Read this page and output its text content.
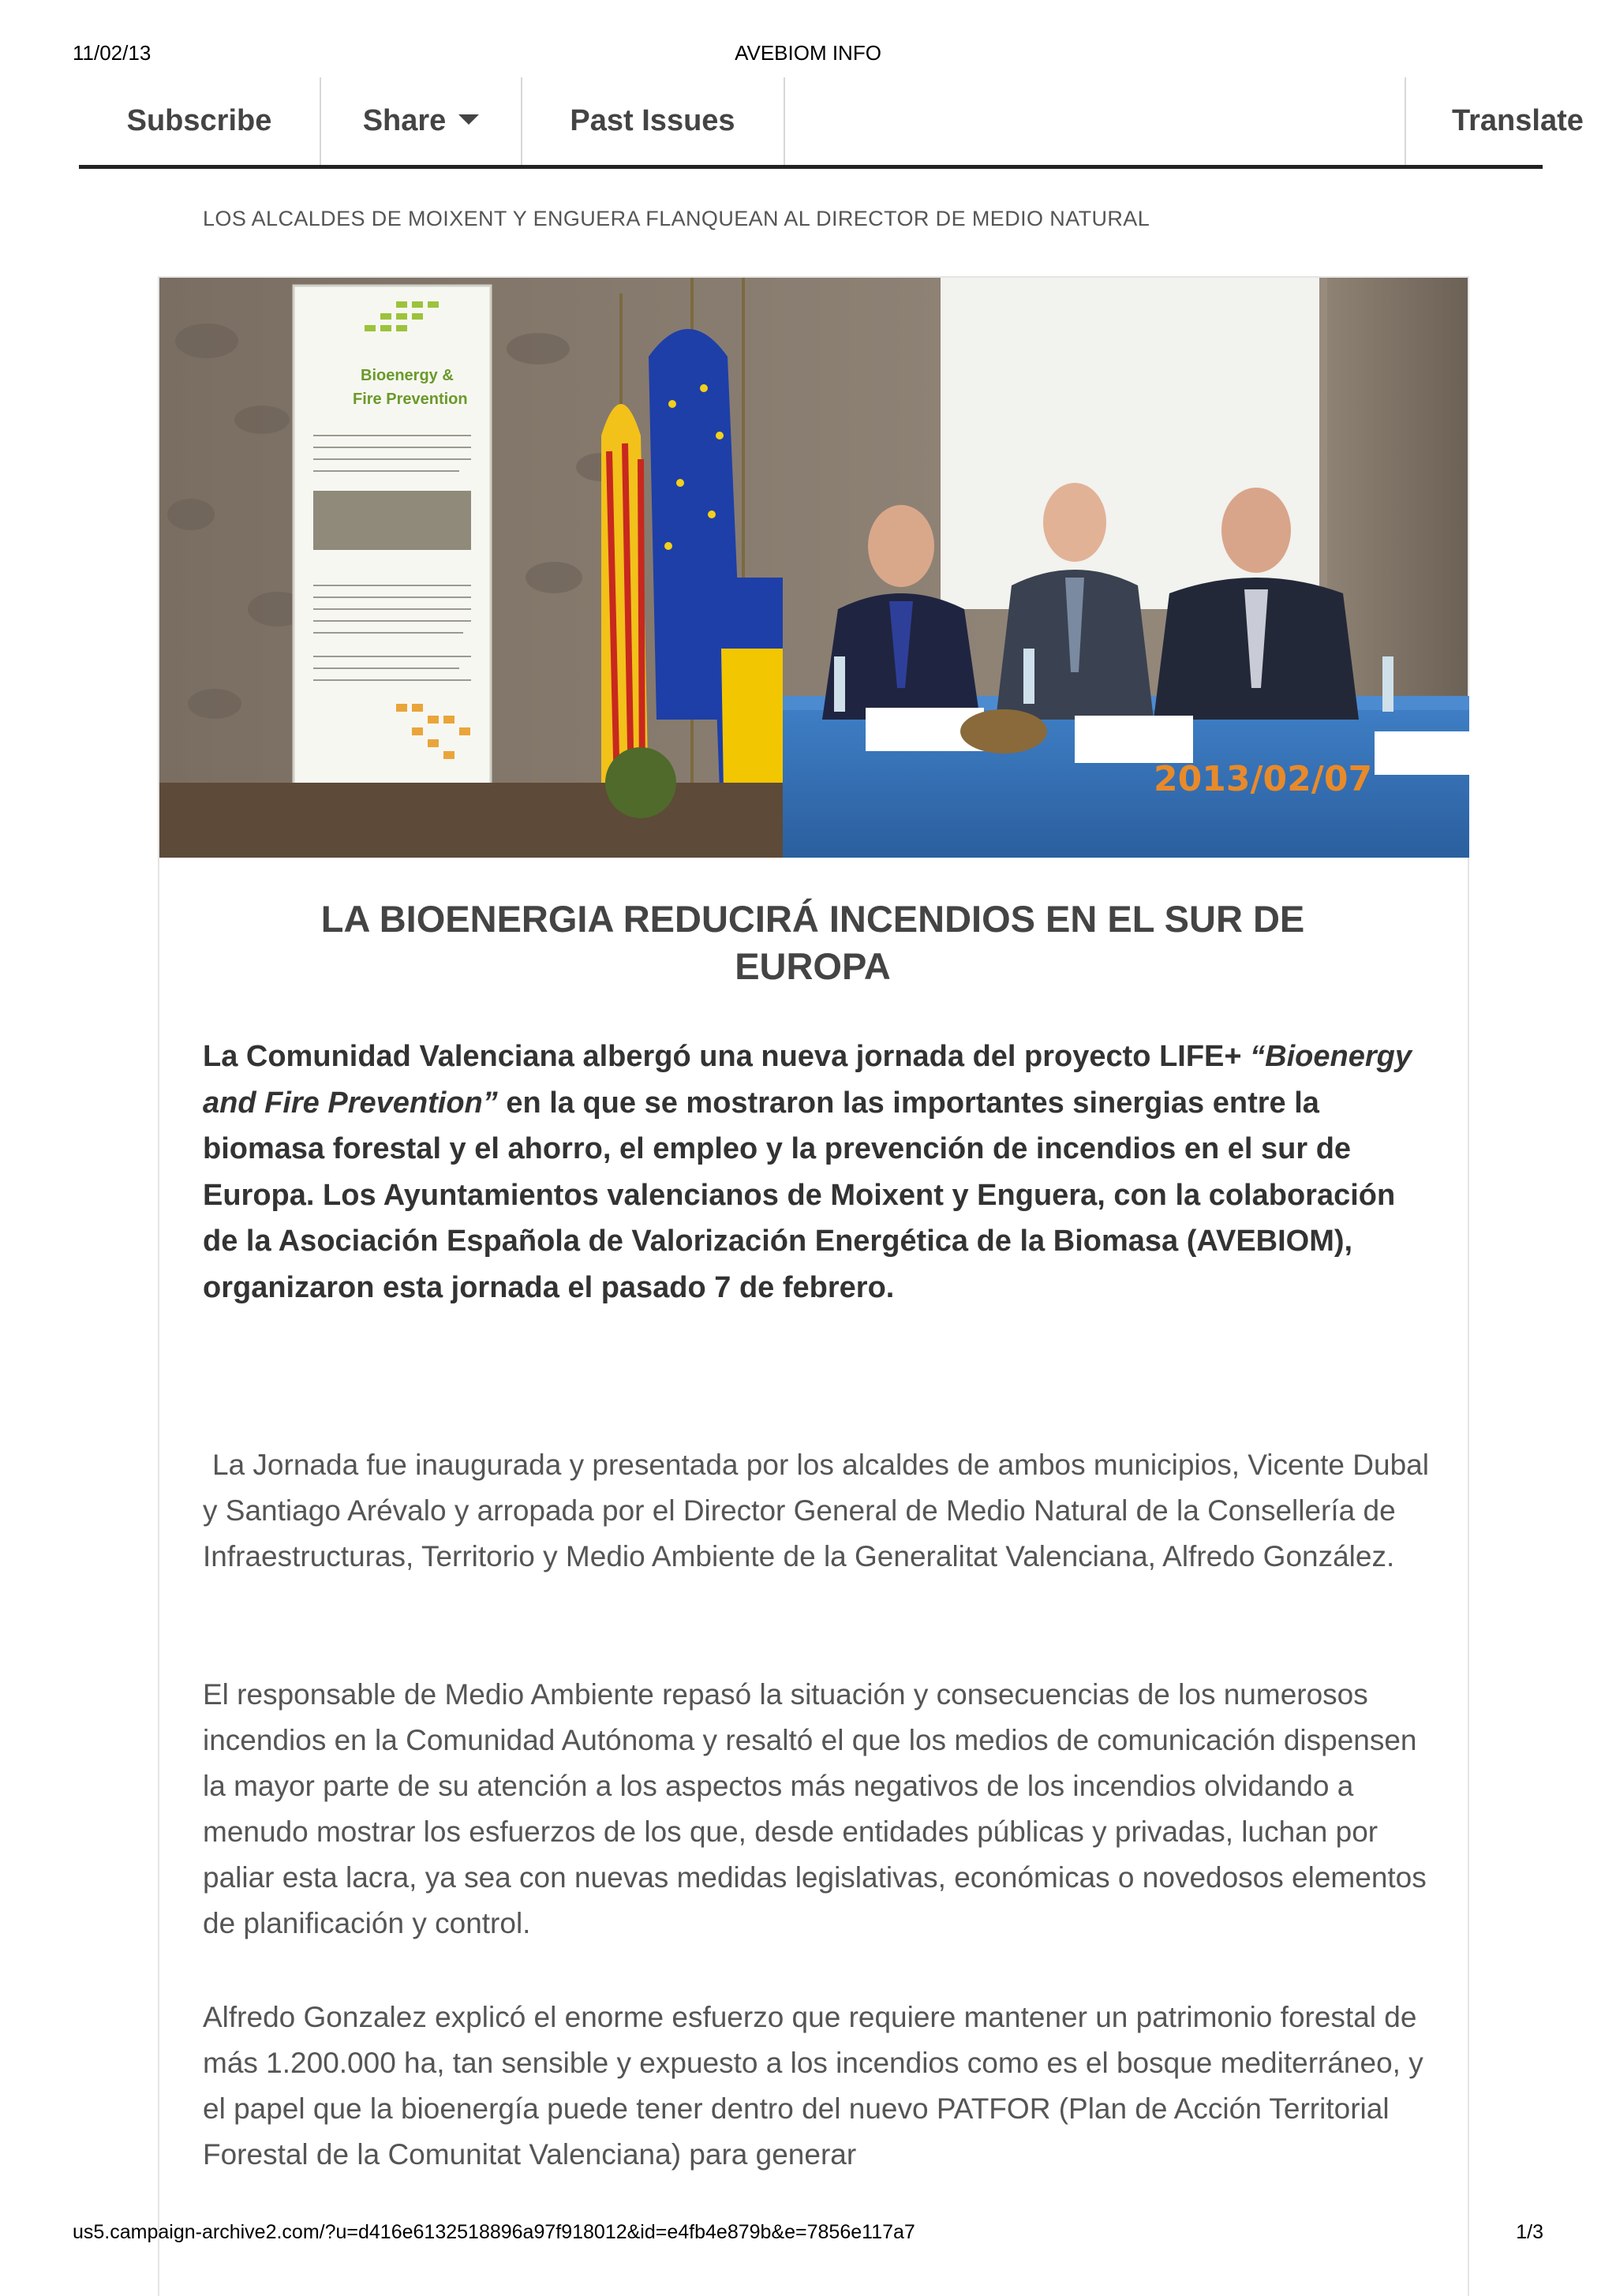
11/02/13	AVEBIOM INFO
Subscribe	Share	Past Issues	Translate
LOS ALCALDES DE MOIXENT Y ENGUERA FLANQUEAN AL DIRECTOR DE MEDIO NATURAL
Bioenergy &
Fire Prevention
2013/02/07
LA BIOENERGIA REDUCIRÁ INCENDIOS EN EL SUR DE
EUROPA

La Comunidad Valenciana albergó una nueva jornada del proyecto LIFE+ “Bioenergy and Fire Prevention” en la que se mostraron las importantes sinergias entre la biomasa forestal y el ahorro, el empleo y la prevención de incendios en el sur de Europa. Los Ayuntamientos valencianos de Moixent y Enguera, con la colaboración de la Asociación Española de Valorización Energética de la Biomasa (AVEBIOM), organizaron esta jornada el pasado 7 de febrero.

La Jornada fue inaugurada y presentada por los alcaldes de ambos municipios, Vicente Dubal y Santiago Arévalo y arropada por el Director General de Medio Natural de la Consellería de Infraestructuras, Territorio y Medio Ambiente de la Generalitat Valenciana, Alfredo González.

El responsable de Medio Ambiente repasó la situación y consecuencias de los numerosos incendios en la Comunidad Autónoma y resaltó el que los medios de comunicación dispensen la mayor parte de su atención a los aspectos más negativos de los incendios olvidando a menudo mostrar los esfuerzos de los que, desde entidades públicas y privadas, luchan por paliar esta lacra, ya sea con nuevas medidas legislativas, económicas o novedosos elementos de planificación y control.

Alfredo Gonzalez explicó el enorme esfuerzo que requiere mantener un patrimonio forestal de más 1.200.000 ha, tan sensible y expuesto a los incendios como es el bosque mediterráneo, y el papel que la bioenergía puede tener dentro del nuevo PATFOR (Plan de Acción Territorial Forestal de la Comunitat Valenciana) para generar

us5.campaign-archive2.com/?u=d416e6132518896a97f918012&id=e4fb4e879b&e=7856e117a7	1/3
